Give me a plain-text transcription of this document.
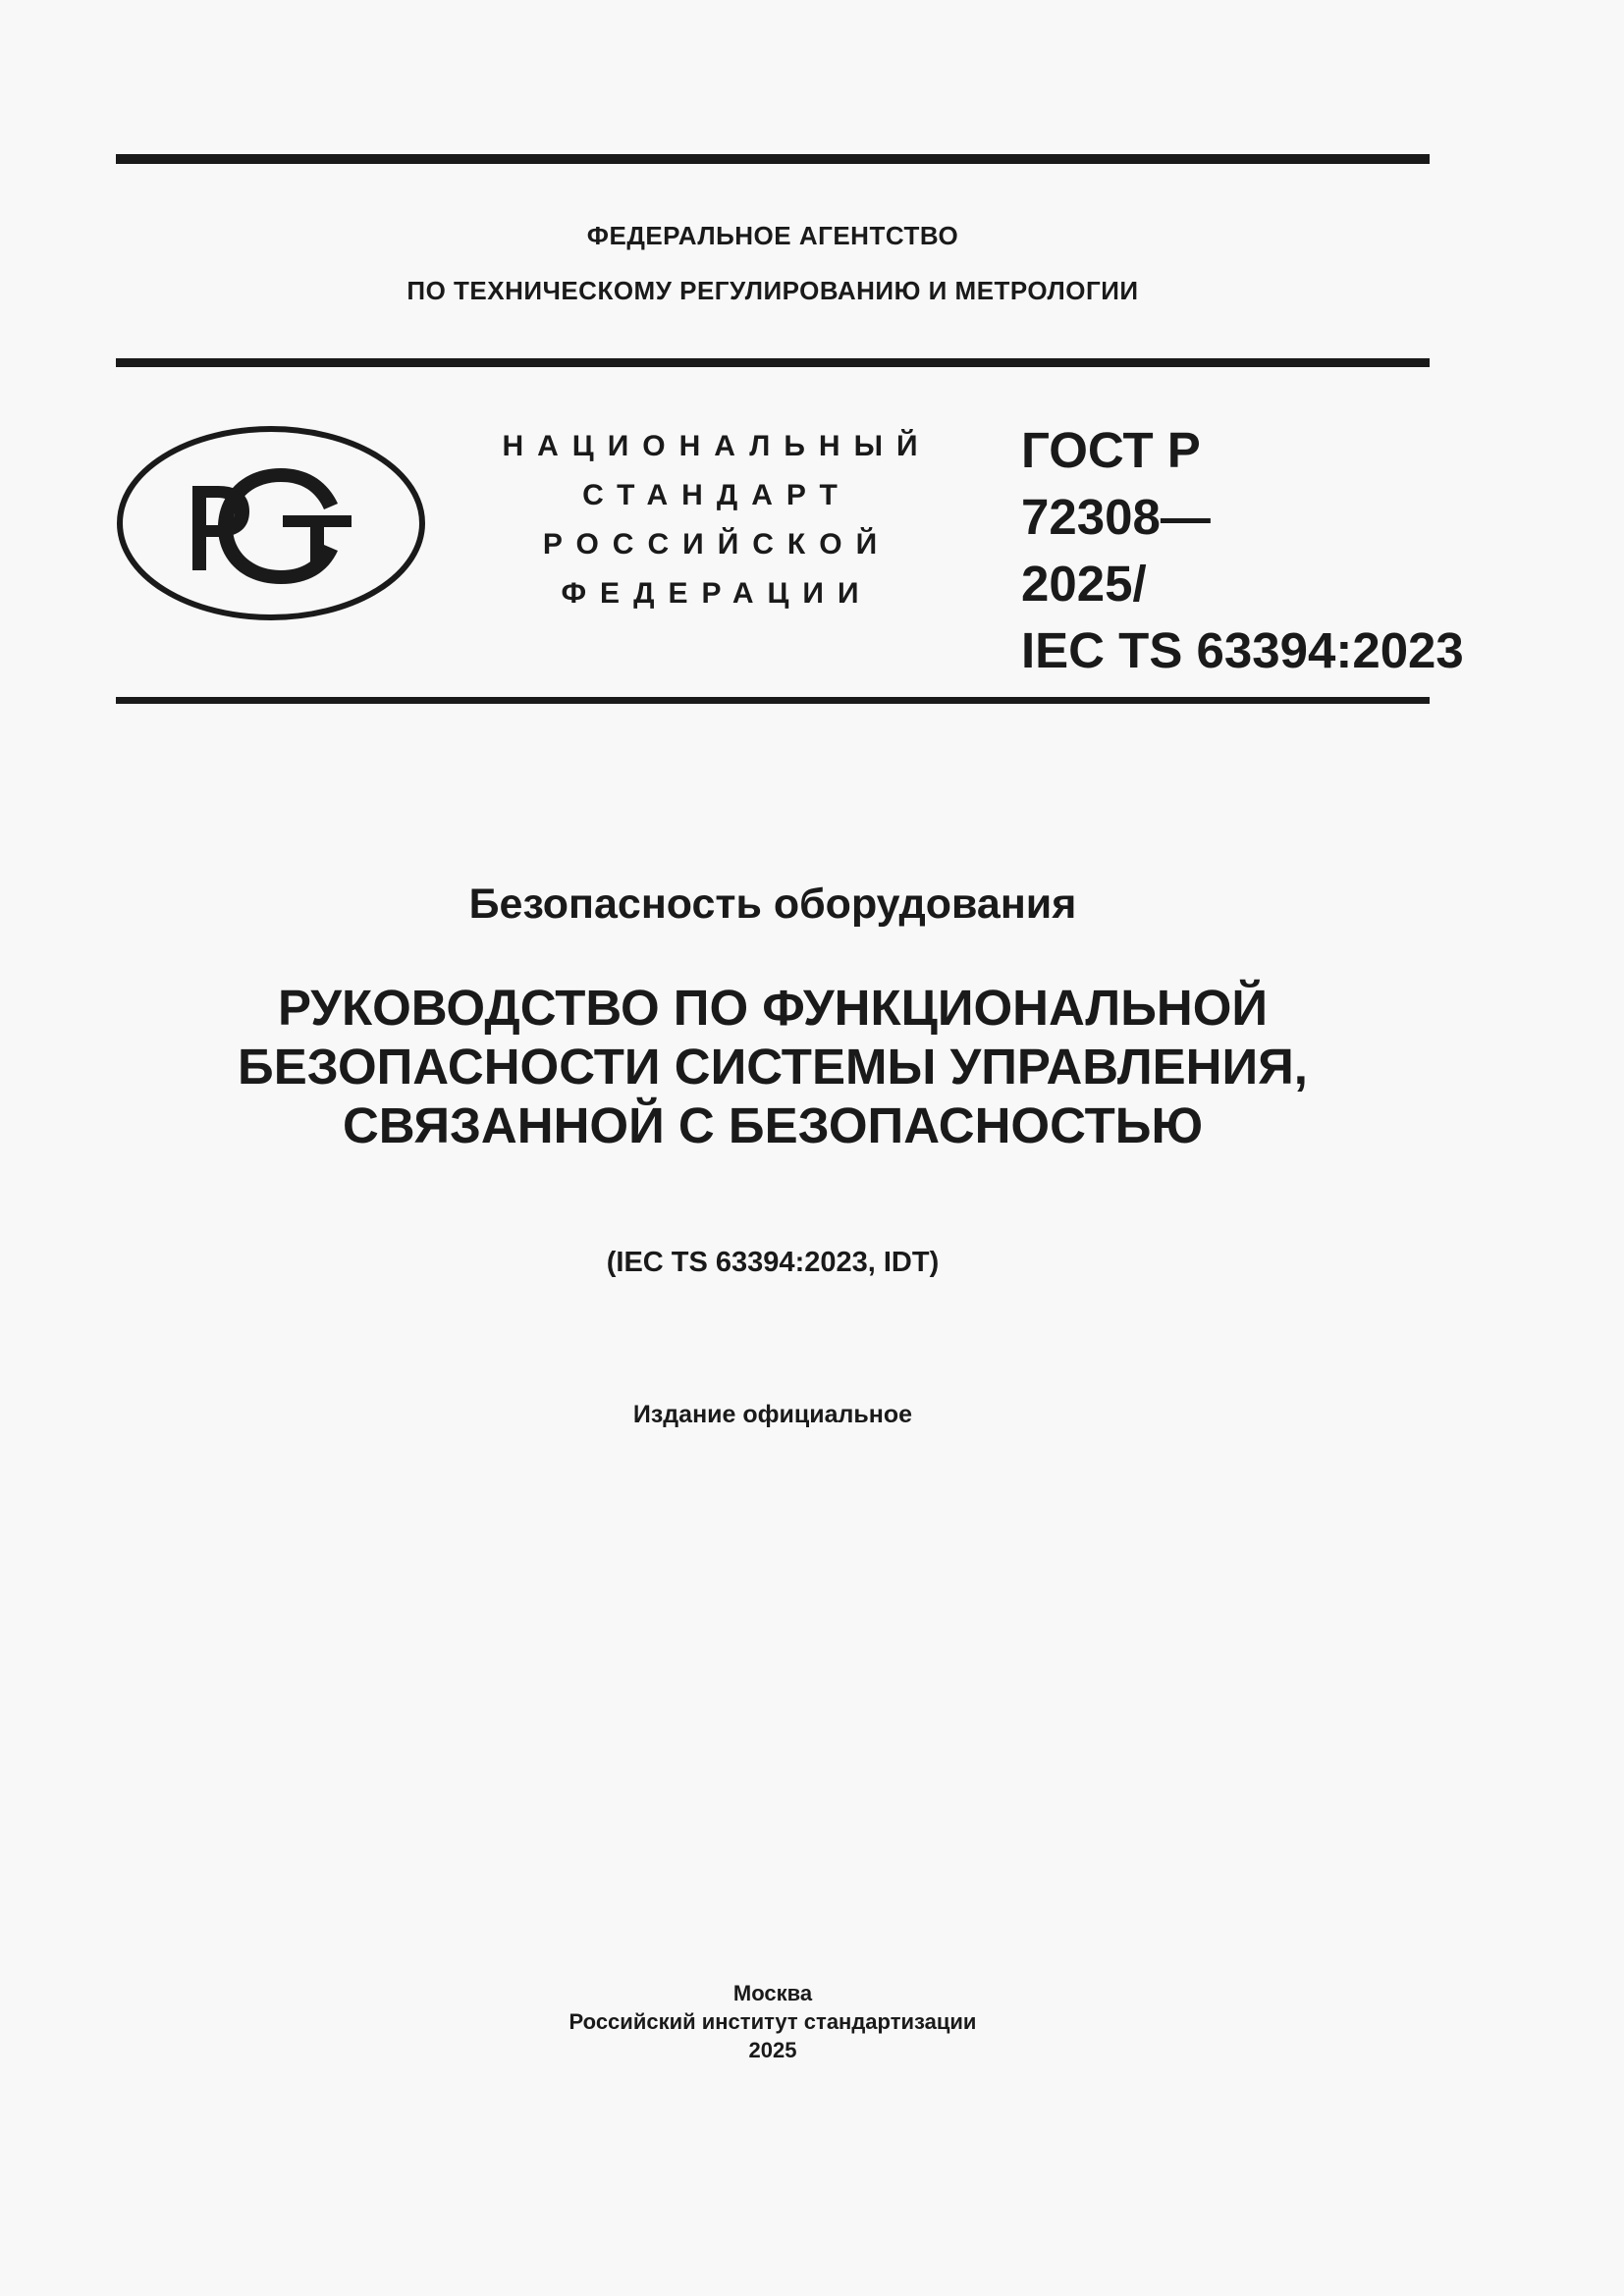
ФЕДЕРАЛЬНОЕ АГЕНТСТВО
ПО ТЕХНИЧЕСКОМУ РЕГУЛИРОВАНИЮ И МЕТРОЛОГИИ
НАЦИОНАЛЬНЫЙ
СТАНДАРТ
РОССИЙСКОЙ
ФЕДЕРАЦИИ
ГОСТ Р
72308—
2025/
IEC TS 63394:2023
Безопасность оборудования
РУКОВОДСТВО ПО ФУНКЦИОНАЛЬНОЙ
БЕЗОПАСНОСТИ СИСТЕМЫ УПРАВЛЕНИЯ,
СВЯЗАННОЙ С БЕЗОПАСНОСТЬЮ
(IEC TS 63394:2023, IDT)
Издание официальное
Москва
Российский институт стандартизации
2025
